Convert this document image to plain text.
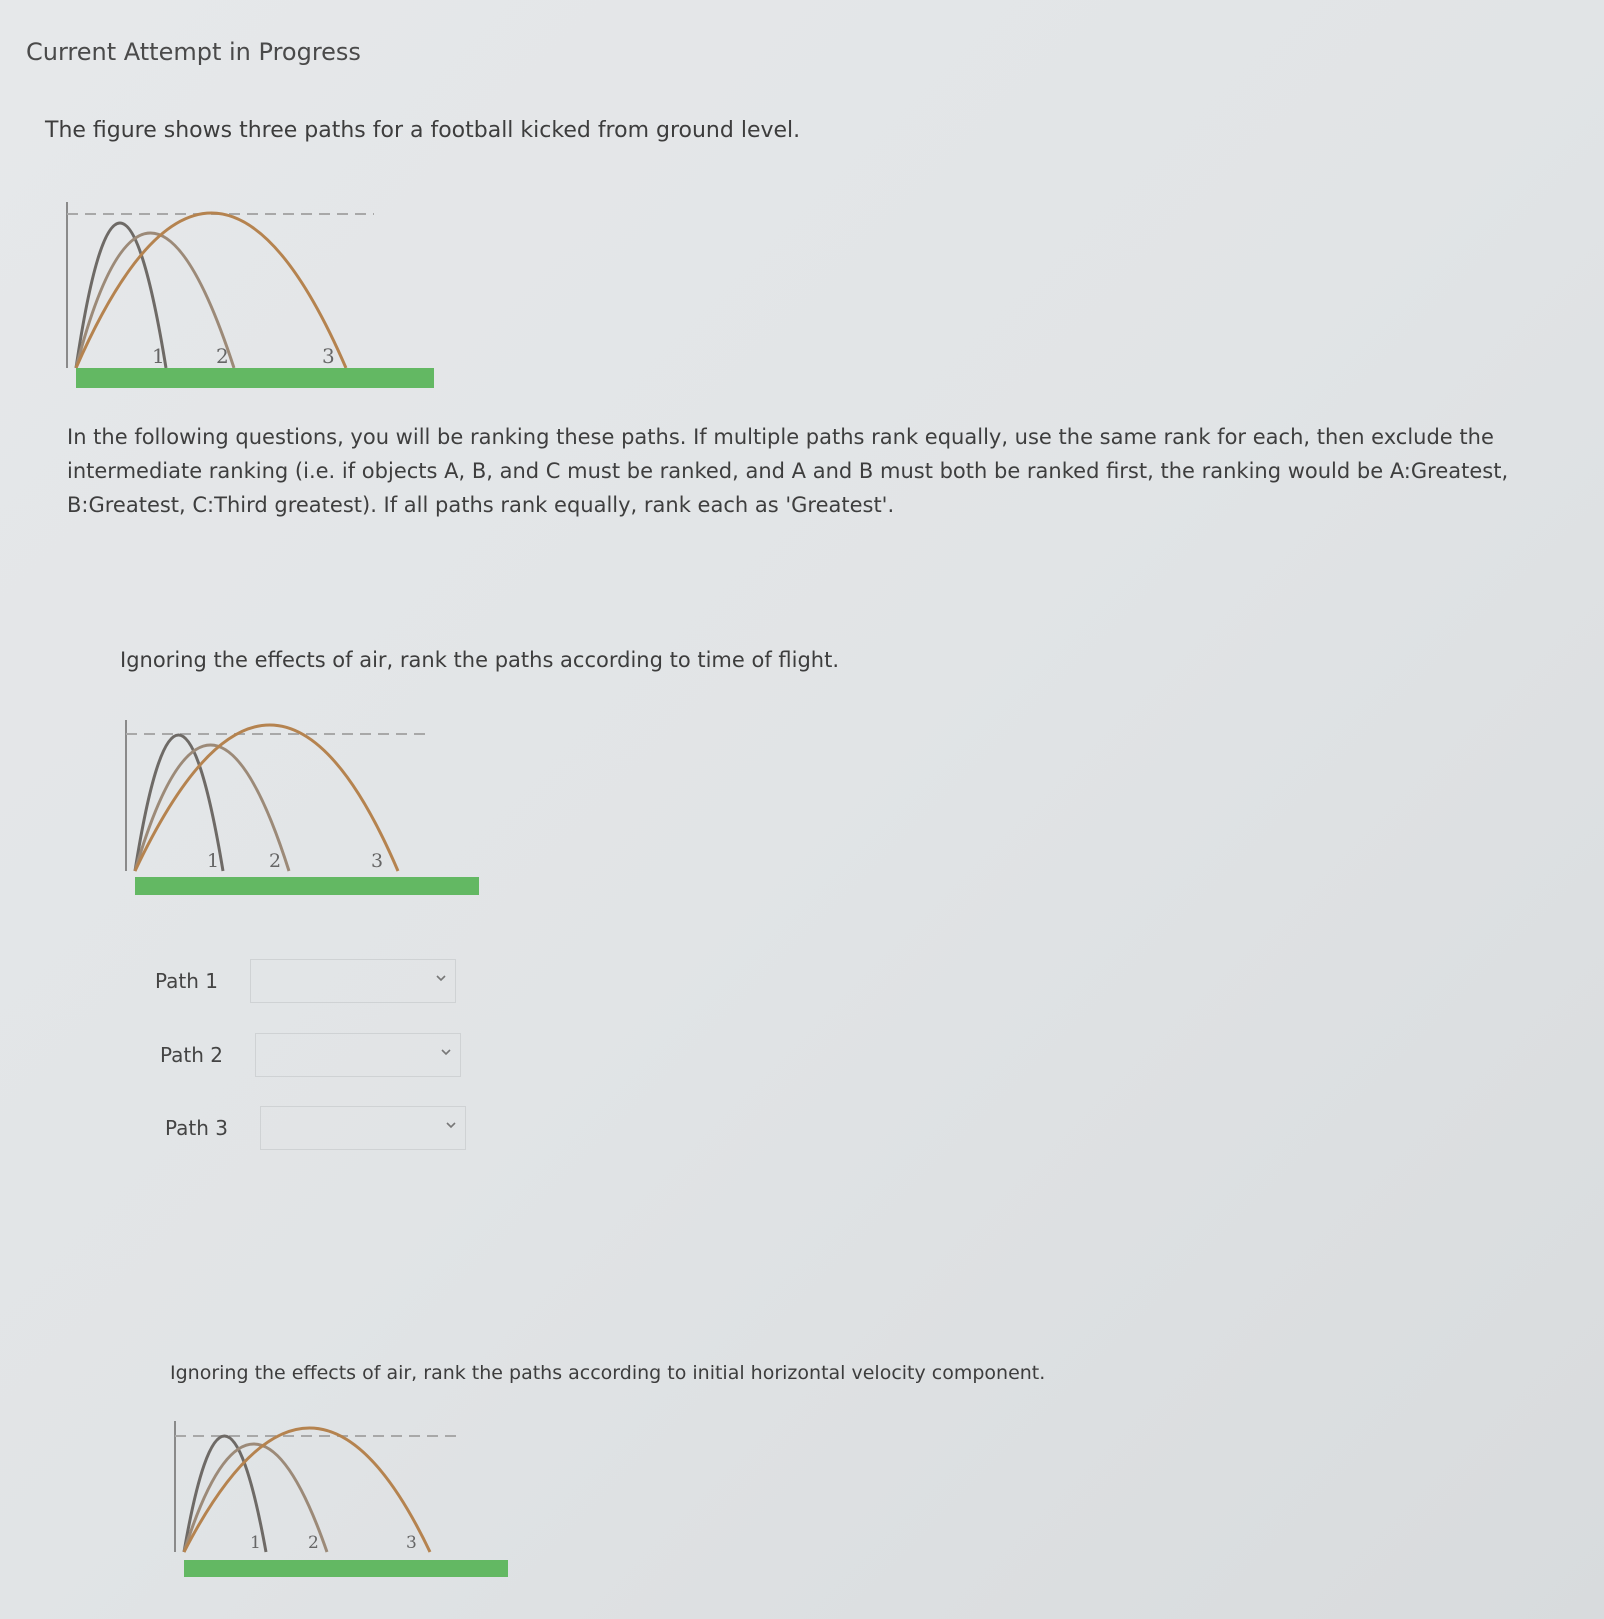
Current Attempt in Progress
The figure shows three paths for a football kicked from ground level.
1	2	3

In the following questions, you will be ranking these paths. If multiple paths rank equally, use the same rank for each, then exclude the intermediate ranking (i.e. if objects A, B, and C must be ranked, and A and B must both be ranked first, the ranking would be A:Greatest, B:Greatest, C:Third greatest). If all paths rank equally, rank each as 'Greatest'.

Ignoring the effects of air, rank the paths according to time of flight.
1	2	3
Path 1
Path 2
Path 3
Ignoring the effects of air, rank the paths according to initial horizontal velocity component.
1	2	3
